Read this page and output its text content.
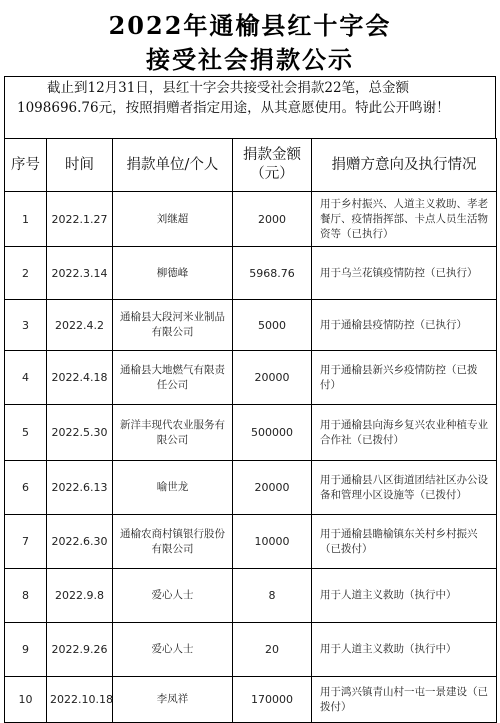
2022年通榆县红十字会
接受社会捐款公示
截止到12月31日，县红十字会共接受社会捐款22笔，总金额1098696.76元，按照捐赠者指定用途，从其意愿使用。特此公开鸣谢！
序号	时间	捐款单位/个人	捐款金额（元）	捐赠方意向及执行情况
1	2022.1.27	刘继超	2000	用于乡村振兴、人道主义救助、孝老餐厅、疫情指挥部、卡点人员生活物资等（已执行）
2	2022.3.14	柳德峰	5968.76	用于乌兰花镇疫情防控（已执行）
3	2022.4.2	通榆县大段河米业制品有限公司	5000	用于通榆县疫情防控（已执行）
4	2022.4.18	通榆县大地燃气有限责任公司	20000	用于通榆县新兴乡疫情防控（已拨付）
5	2022.5.30	新洋丰现代农业服务有限公司	500000	用于通榆县向海乡复兴农业种植专业合作社（已拨付）
6	2022.6.13	喻世龙	20000	用于通榆县八区街道团结社区办公设备和管理小区设施等（已拨付）
7	2022.6.30	通榆农商村镇银行股份有限公司	10000	用于通榆县瞻榆镇东关村乡村振兴（已拨付）
8	2022.9.8	爱心人士	8	用于人道主义救助（执行中）
9	2022.9.26	爱心人士	20	用于人道主义救助（执行中）
10	2022.10.18	李凤祥	170000	用于鸿兴镇青山村一屯一景建设（已拨付）
